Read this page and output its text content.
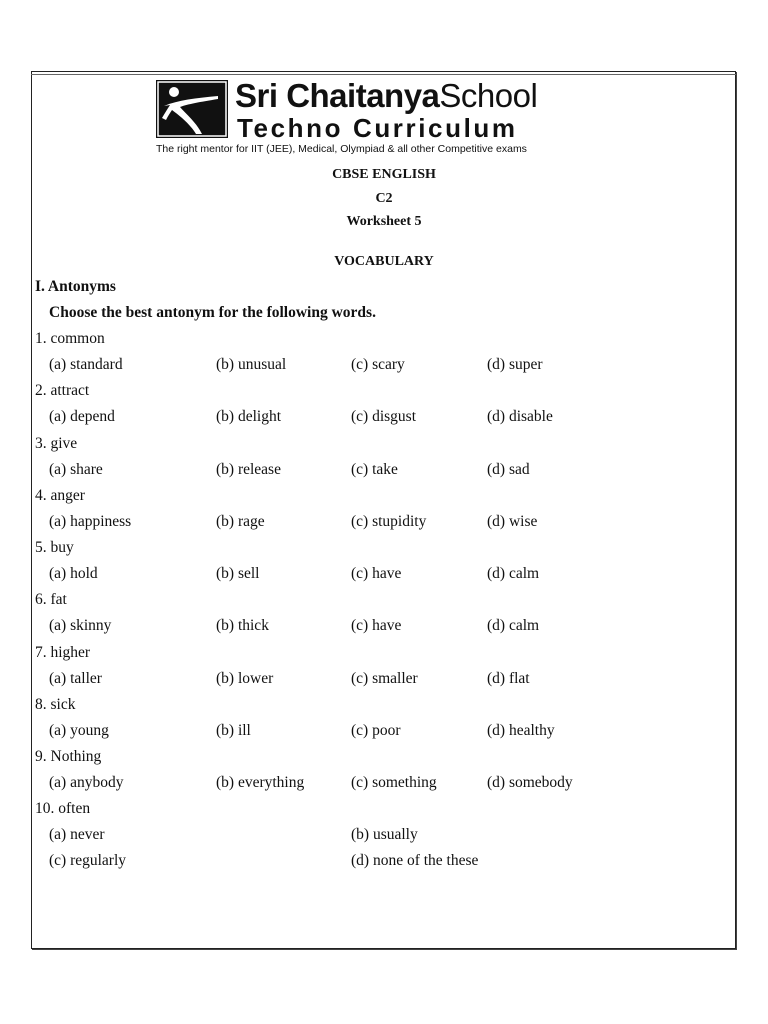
Sri ChaitanyaSchool
Techno Curriculum
The right mentor for IIT (JEE), Medical, Olympiad & all other Competitive exams
CBSE ENGLISH
C2
Worksheet 5
VOCABULARY
I. Antonyms
Choose the best antonym for the following words.
1. common
(a) standard	(b) unusual	(c) scary	(d) super
2. attract
(a) depend	(b) delight	(c) disgust	(d) disable
3. give
(a) share	(b) release	(c) take	(d) sad
4. anger
(a) happiness	(b) rage	(c) stupidity	(d) wise
5. buy
(a) hold	(b) sell	(c) have	(d) calm
6. fat
(a) skinny	(b) thick	(c) have	(d) calm
7. higher
(a) taller	(b) lower	(c) smaller	(d) flat
8. sick
(a) young	(b) ill	(c) poor	(d) healthy
9. Nothing
(a) anybody	(b) everything	(c) something	(d) somebody
10. often
(a) never	(b) usually
(c) regularly	(d) none of the these
